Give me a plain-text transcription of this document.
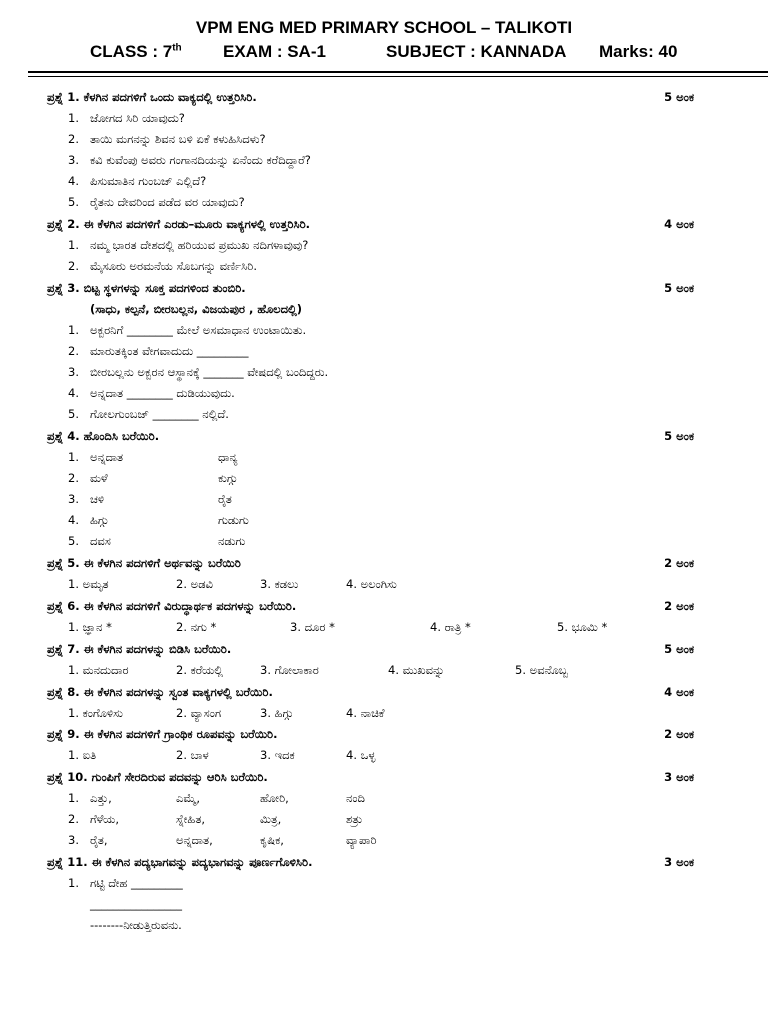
VPM ENG MED PRIMARY SCHOOL – TALIKOTI
CLASS : 7th EXAM : SA-1	SUBJECT : KANNADA Marks: 40
ಪ್ರಶ್ನೆ 1. ಕೆಳಗಿನ ಪದಗಳಿಗೆ ಒಂದು ವಾಕ್ಯದಲ್ಲಿ ಉತ್ತರಿಸಿರಿ.	5 ಅಂಕ
1. ಜೋಗದ ಸಿರಿ ಯಾವುದು?
2. ತಾಯಿ ಮಗನನ್ನು ಶಿವನ ಬಳಿ ಏಕೆ ಕಳುಹಿಸಿದಳು?
3. ಕವಿ ಕುವೆಂಪು ಅವರು ಗಂಗಾನದಿಯನ್ನು ಏನೆಂದು ಕರೆದಿದ್ದಾರೆ?
4. ಪಿಸುಮಾತಿನ ಗುಂಬಜ್ ಎಲ್ಲಿದೆ?
5. ರೈತನು ದೇವರಿಂದ ಪಡೆದ ವರ ಯಾವುದು?
ಪ್ರಶ್ನೆ 2. ಈ ಕೆಳಗಿನ ಪದಗಳಿಗೆ ಎರಡು–ಮೂರು ವಾಕ್ಯಗಳಲ್ಲಿ ಉತ್ತರಿಸಿರಿ.	4 ಅಂಕ
1. ನಮ್ಮ ಭಾರತ ದೇಶದಲ್ಲಿ ಹರಿಯುವ ಪ್ರಮುಖ ನದಿಗಳಾವುವು?
2. ಮೈಸೂರು ಅರಮನೆಯ ಸೊಬಗನ್ನು ವರ್ಣಿಸಿರಿ.
ಪ್ರಶ್ನೆ 3. ಬಿಟ್ಟ ಸ್ಥಳಗಳನ್ನು ಸೂಕ್ತ ಪದಗಳಿಂದ ತುಂಬಿರಿ.	5 ಅಂಕ
(ಸಾಧು, ಕಲ್ಪನೆ, ಬೀರಬಲ್ಲನ, ವಿಜಯಪುರ , ಹೊಲದಲ್ಲಿ)
1. ಅಕ್ಬರನಿಗೆ ________ ಮೇಲೆ ಅಸಮಾಧಾನ ಉಂಟಾಯಿತು.
2. ಮಾರುತಕ್ಕಿಂತ ವೇಗವಾದುದು _________
3. ಬೀರಬಲ್ಲನು ಅಕ್ಬರನ ಆಸ್ಥಾನಕ್ಕೆ _______ ವೇಷದಲ್ಲಿ ಬಂದಿದ್ದರು.
4. ಅನ್ನದಾತ ________ ದುಡಿಯುವುದು.
5. ಗೋಲಗುಂಬಜ್ ________ ನಲ್ಲಿದೆ.
ಪ್ರಶ್ನೆ 4. ಹೊಂದಿಸಿ ಬರೆಯಿರಿ.	5 ಅಂಕ
1. ಅನ್ನದಾತ	ಧಾನ್ಯ
2. ಮಳೆ	ಕುಗ್ಗು
3. ಚಳಿ	ರೈತ
4. ಹಿಗ್ಗು	ಗುಡುಗು
5. ದವಸ	ನಡುಗು
ಪ್ರಶ್ನೆ 5. ಈ ಕೆಳಗಿನ ಪದಗಳಿಗೆ ಅರ್ಥವನ್ನು ಬರೆಯಿರಿ	2 ಅಂಕ
1. ಅಮೃತ	2. ಅಡವಿ	3. ಕಡಲು	4. ಅಲಂಗಿಸು
ಪ್ರಶ್ನೆ 6. ಈ ಕೆಳಗಿನ ಪದಗಳಿಗೆ ವಿರುದ್ಧಾರ್ಥಕ ಪದಗಳನ್ನು ಬರೆಯಿರಿ.	2 ಅಂಕ
1. ಜ್ಞಾನ *	2. ನಗು *	3. ದೂರ *	4. ರಾತ್ರಿ *	5. ಭೂಮಿ *
ಪ್ರಶ್ನೆ 7. ಈ ಕೆಳಗಿನ ಪದಗಳನ್ನು ಬಿಡಿಸಿ ಬರೆಯಿರಿ.	5 ಅಂಕ
1. ಮನದುದಾರ	2. ಕರೆಯಲ್ಲಿ	3. ಗೋಲಾಕಾರ	4. ಮುಖವನ್ನು	5. ಅವನೊಬ್ಬ
ಪ್ರಶ್ನೆ 8. ಈ ಕೆಳಗಿನ ಪದಗಳನ್ನು ಸ್ವಂತ ವಾಕ್ಯಗಳಲ್ಲಿ ಬರೆಯಿರಿ.	4 ಅಂಕ
1. ಕಂಗೊಳಿಸು	2. ವ್ಯಾಸಂಗ	3. ಹಿಗ್ಗು	4. ನಾಚಿಕೆ
ಪ್ರಶ್ನೆ 9. ಈ ಕೆಳಗಿನ ಪದಗಳಿಗೆ ಗ್ರಾಂಥಿಕ ರೂಪವನ್ನು ಬರೆಯಿರಿ.	2 ಅಂಕ
1. ಐತಿ	2. ಬಾಳ	3. ಇದಕ	4. ಒಳ್ಳ
ಪ್ರಶ್ನೆ 10. ಗುಂಪಿಗೆ ಸೇರದಿರುವ ಪದವನ್ನು ಆರಿಸಿ ಬರೆಯಿರಿ.	3 ಅಂಕ
1. ಎತ್ತು,	ಎಮ್ಮೆ,	ಹೋರಿ,	ನಂದಿ
2. ಗೆಳೆಯ,	ಸ್ನೇಹಿತ,	ಮಿತ್ರ,	ಶತ್ರು
3. ರೈತ,	ಅನ್ನದಾತ,	ಕೃಷಿಕ,	ವ್ಯಾಪಾರಿ
ಪ್ರಶ್ನೆ 11. ಈ ಕೆಳಗಿನ ಪದ್ಯಭಾಗವನ್ನು ಪದ್ಯಭಾಗವನ್ನು ಪೂರ್ಣಗೊಳಿಸಿರಿ.	3 ಅಂಕ
1. ಗಟ್ಟಿ ದೇಹ _________
________________
--------ನೀಡುತ್ತಿರುವನು.
